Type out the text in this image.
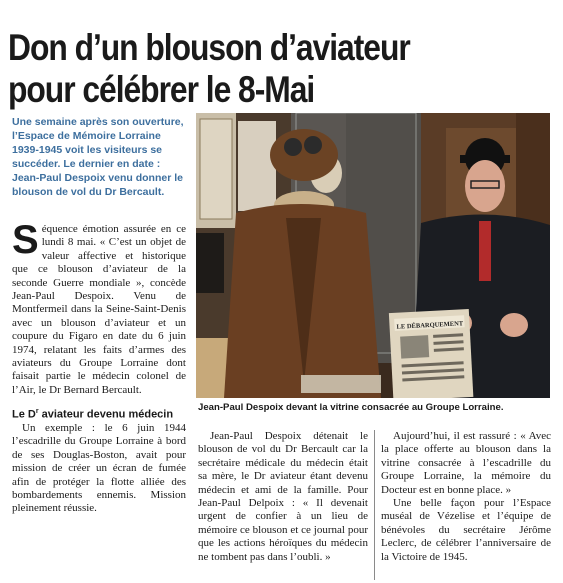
Don d’un blouson d’aviateur
pour célébrer le 8-Mai
Une semaine après son ouverture, l’Espace de Mémoire Lorraine 1939-1945 voit les visiteurs se succéder. Le dernier en date : Jean-Paul Despoix venu donner le blouson de vol du Dr Bercault.

Séquence émotion assurée en ce lundi 8 mai. « C’est un objet de valeur affective et historique que ce blouson d’aviateur de la seconde Guerre mondiale », concède Jean-Paul Despoix. Venu de Montfermeil dans la Seine-Saint-Denis avec un blouson d’aviateur et un coupure du Figaro en date du 6 juin 1974, relatant les faits d’armes des aviateurs du Groupe Lorraine dont faisait partie le médecin colonel de l’Air, le Dr Bernard Bercault.

Le $D^r$ aviateur devenu médecin

Un exemple : le 6 juin 1944 l’escadrille du Groupe Lorraine à bord de ses Douglas-Boston, avait pour mission de créer un écran de fumée afin de protéger la flotte alliée des bombardements ennemis. Mission pleinement réussie.

LE DÉBARQUEMENT
Jean-Paul Despoix devant la vitrine consacrée au Groupe Lorraine.

Jean-Paul Despoix détenait le blouson de vol du Dr Bercault car la secrétaire médicale du médecin était sa mère, le Dr aviateur étant devenu médecin et ami de la famille. Pour Jean-Paul Delpoix : « Il devenait urgent de confier à un lieu de mémoire ce blouson et ce journal pour que les actions héroïques du médecin ne tombent pas dans l’oubli. »

Aujourd’hui, il est rassuré : « Avec la place offerte au blouson dans la vitrine consacrée à l’escadrille du Groupe Lorraine, la mémoire du Docteur est en bonne place. »

Une belle façon pour l’Espace muséal de Vézelise et l’équipe de bénévoles du secrétaire Jérôme Leclerc, de célébrer l’anniversaire de la Victoire de 1945.
